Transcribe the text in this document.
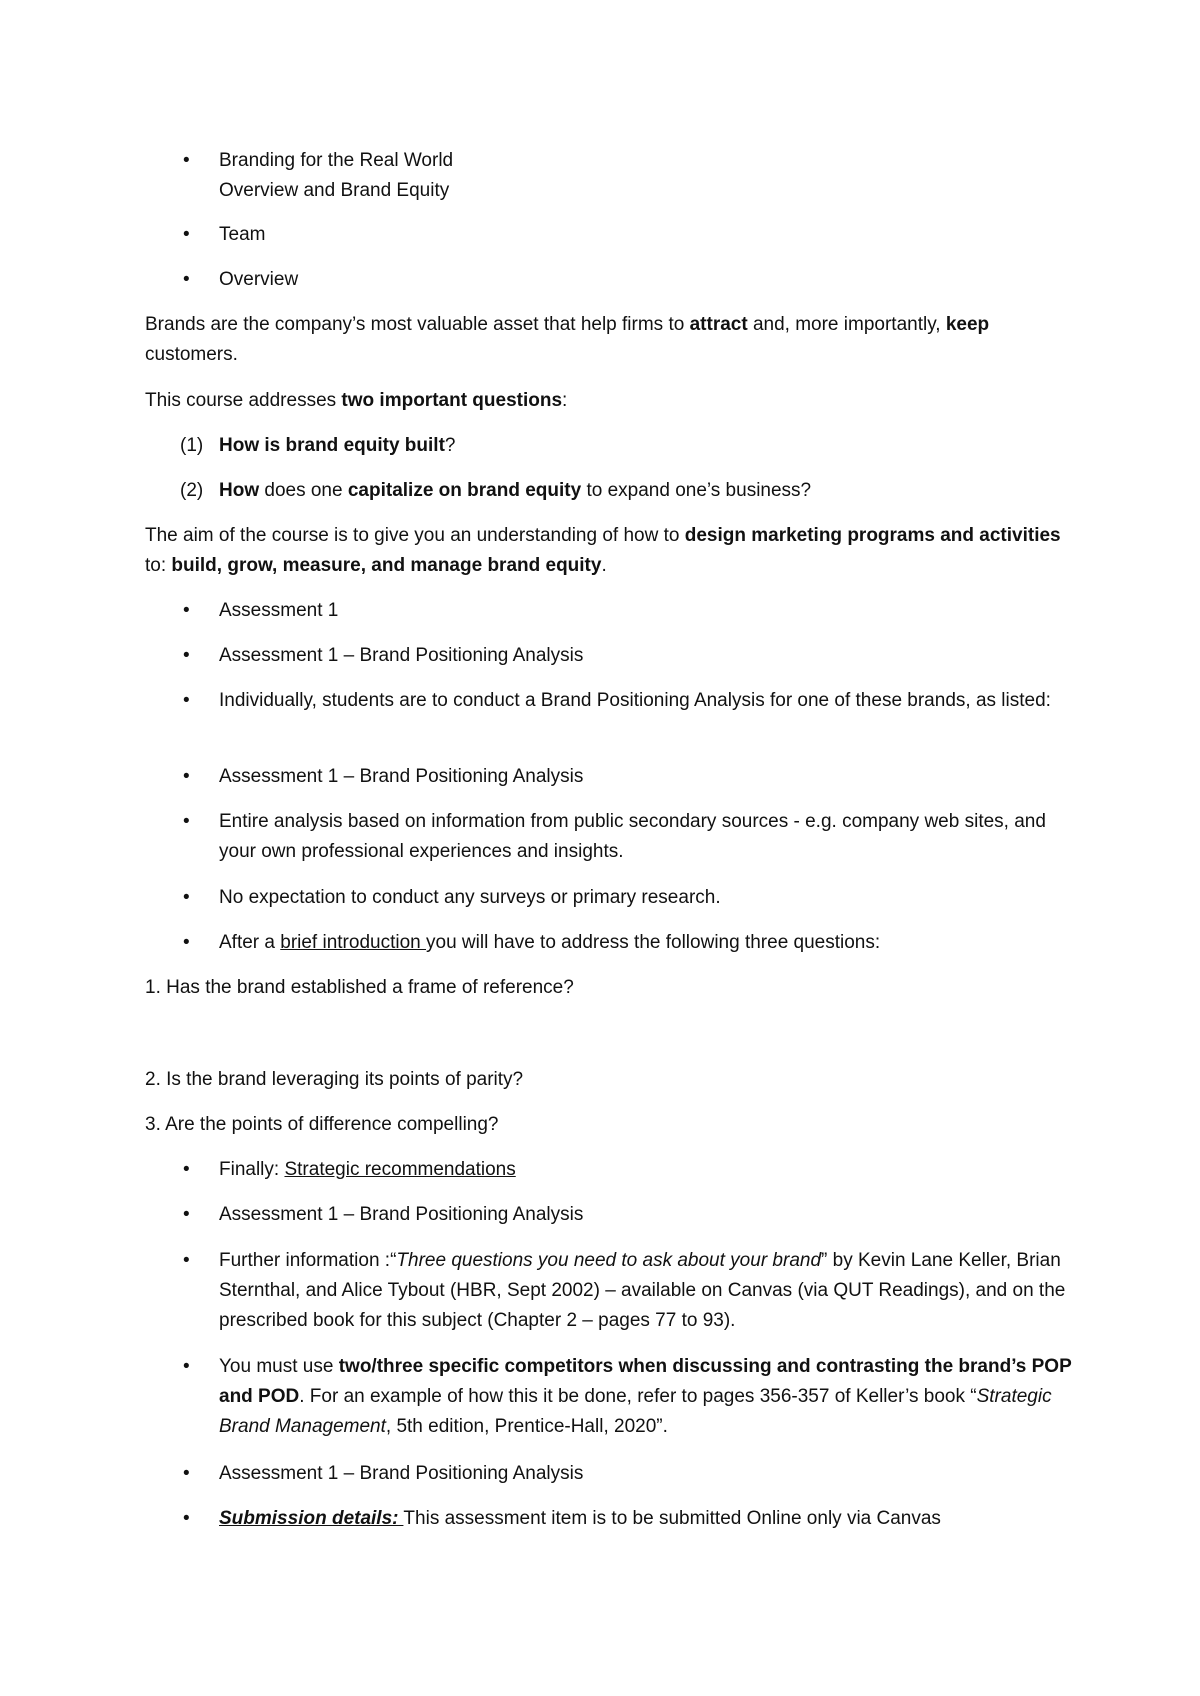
•	Branding for the Real World
Overview and Brand Equity
•	Team
•	Overview

Brands are the company’s most valuable asset that help firms to attract and, more importantly, keep customers.

This course addresses two important questions:

(1) How is brand equity built?
(2) How does one capitalize on brand equity to expand one’s business?

The aim of the course is to give you an understanding of how to design marketing programs and activities to: build, grow, measure, and manage brand equity.

•	Assessment 1
•	Assessment 1 – Brand Positioning Analysis
•	Individually, students are to conduct a Brand Positioning Analysis for one of these brands, as listed:
•	Assessment 1 – Brand Positioning Analysis
•	Entire analysis based on information from public secondary sources - e.g. company web sites, and your own professional experiences and insights.
•	No expectation to conduct any surveys or primary research.
•	After a brief introduction you will have to address the following three questions:

1. Has the brand established a frame of reference?

2. Is the brand leveraging its points of parity?

3. Are the points of difference compelling?

•	Finally: Strategic recommendations
•	Assessment 1 – Brand Positioning Analysis
•	Further information :“Three questions you need to ask about your brand” by Kevin Lane Keller, Brian Sternthal, and Alice Tybout (HBR, Sept 2002) – available on Canvas (via QUT Readings), and on the prescribed book for this subject (Chapter 2 – pages 77 to 93).
•	You must use two/three specific competitors when discussing and contrasting the brand’s POP and POD. For an example of how this it be done, refer to pages 356-357 of Keller’s book “Strategic Brand Management, 5th edition, Prentice-Hall, 2020”.
•	Assessment 1 – Brand Positioning Analysis
•	Submission details: This assessment item is to be submitted Online only via Canvas
